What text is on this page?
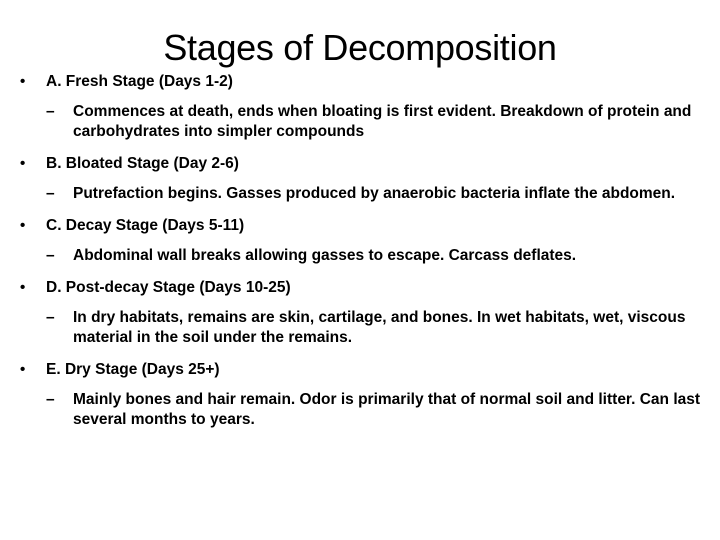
Stages of Decomposition
• A. Fresh Stage (Days 1-2)
– Commences at death, ends when bloating is first evident. Breakdown of protein and carbohydrates into simpler compounds
• B. Bloated Stage (Day 2-6)
– Putrefaction begins. Gasses produced by anaerobic bacteria inflate the abdomen.
• C. Decay Stage (Days 5-11)
– Abdominal wall breaks allowing gasses to escape. Carcass deflates.
• D. Post-decay Stage (Days 10-25)
– In dry habitats, remains are skin, cartilage, and bones. In wet habitats, wet, viscous material in the soil under the remains.
• E. Dry Stage (Days 25+)
– Mainly bones and hair remain. Odor is primarily that of normal soil and litter. Can last several months to years.
